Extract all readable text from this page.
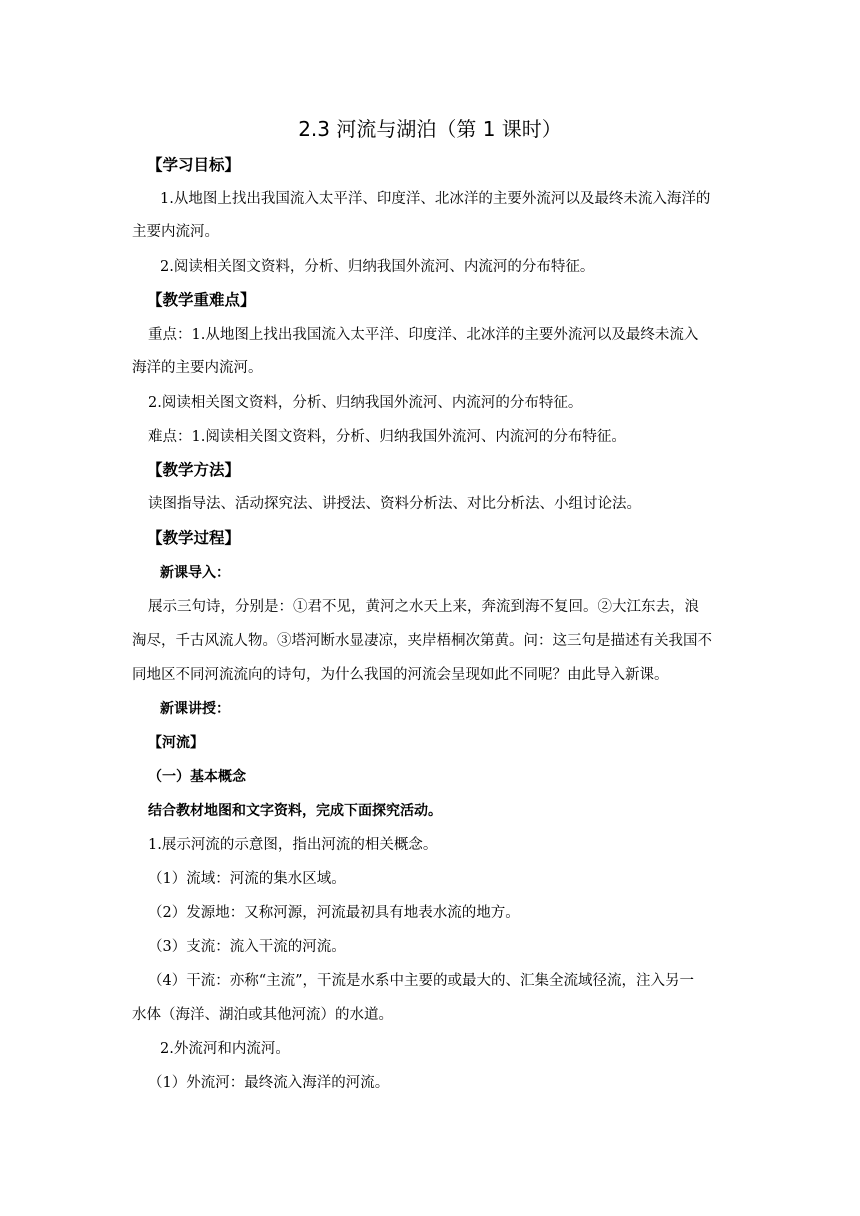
2.3 河流与湖泊（第 1 课时）
【学习目标】
1.从地图上找出我国流入太平洋、印度洋、北冰洋的主要外流河以及最终未流入海洋的
主要内流河。
2.阅读相关图文资料，分析、归纳我国外流河、内流河的分布特征。
【教学重难点】
重点：1.从地图上找出我国流入太平洋、印度洋、北冰洋的主要外流河以及最终未流入
海洋的主要内流河。
2.阅读相关图文资料，分析、归纳我国外流河、内流河的分布特征。
难点：1.阅读相关图文资料，分析、归纳我国外流河、内流河的分布特征。
【教学方法】
读图指导法、活动探究法、讲授法、资料分析法、对比分析法、小组讨论法。
【教学过程】
新课导入：
展示三句诗，分别是：①君不见，黄河之水天上来，奔流到海不复回。②大江东去，浪
淘尽，千古风流人物。③塔河断水显凄凉，夹岸梧桐次第黄。问：这三句是描述有关我国不
同地区不同河流流向的诗句，为什么我国的河流会呈现如此不同呢？由此导入新课。
新课讲授：
【河流】
（一）基本概念
结合教材地图和文字资料，完成下面探究活动。
1.展示河流的示意图，指出河流的相关概念。
（1）流域：河流的集水区域。
（2）发源地：又称河源，河流最初具有地表水流的地方。
（3）支流：流入干流的河流。
（4）干流：亦称“主流”，干流是水系中主要的或最大的、汇集全流域径流，注入另一
水体（海洋、湖泊或其他河流）的水道。
2.外流河和内流河。
（1）外流河：最终流入海洋的河流。
